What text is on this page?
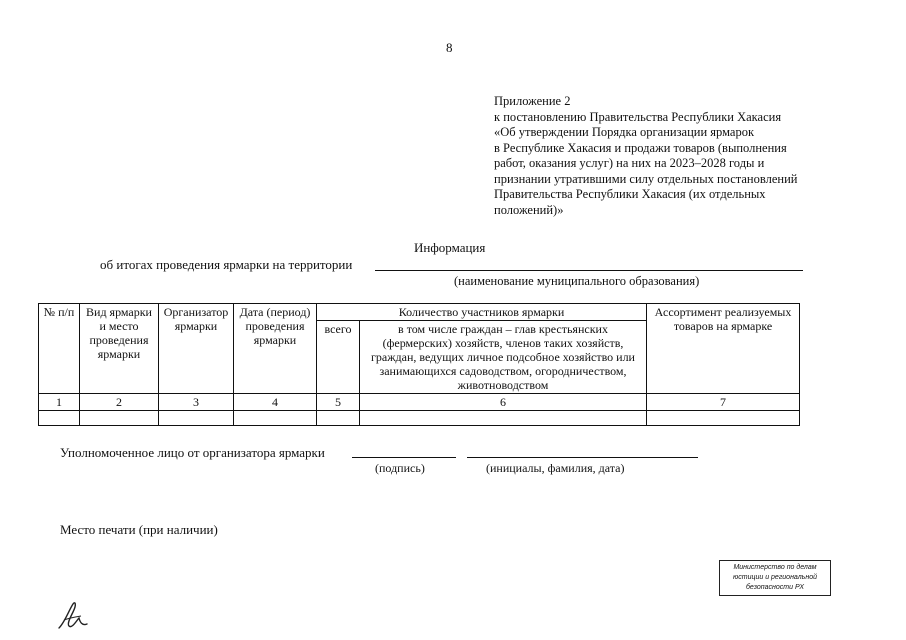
8
Приложение 2
к постановлению Правительства Республики Хакасия
«Об утверждении Порядка организации ярмарок
в Республике Хакасия и продажи товаров (выполнения
работ, оказания услуг) на них на 2023–2028 годы и
признании утратившими силу отдельных постановлений
Правительства Республики Хакасия (их отдельных
положений)»
Информация
об итогах проведения ярмарки на территории
(наименование муниципального образования)
№ п/п	Вид ярмарки и место проведения ярмарки	Организатор ярмарки	Дата (период) проведения ярмарки	Количество участников ярмарки		Ассортимент реализуемых товаров на ярмарке
				всего	в том числе граждан – глав крестьянских (фермерских) хозяйств, членов таких хозяйств, граждан, ведущих личное подсобное хозяйство или занимающихся садоводством, огородничеством, животноводством	
1	2	3	4	5	6	7

Уполномоченное лицо от организатора ярмарки
(подпись)	(инициалы, фамилия, дата)
Место печати (при наличии)
Министерство по делам
юстиции и региональной
безопасности РХ
